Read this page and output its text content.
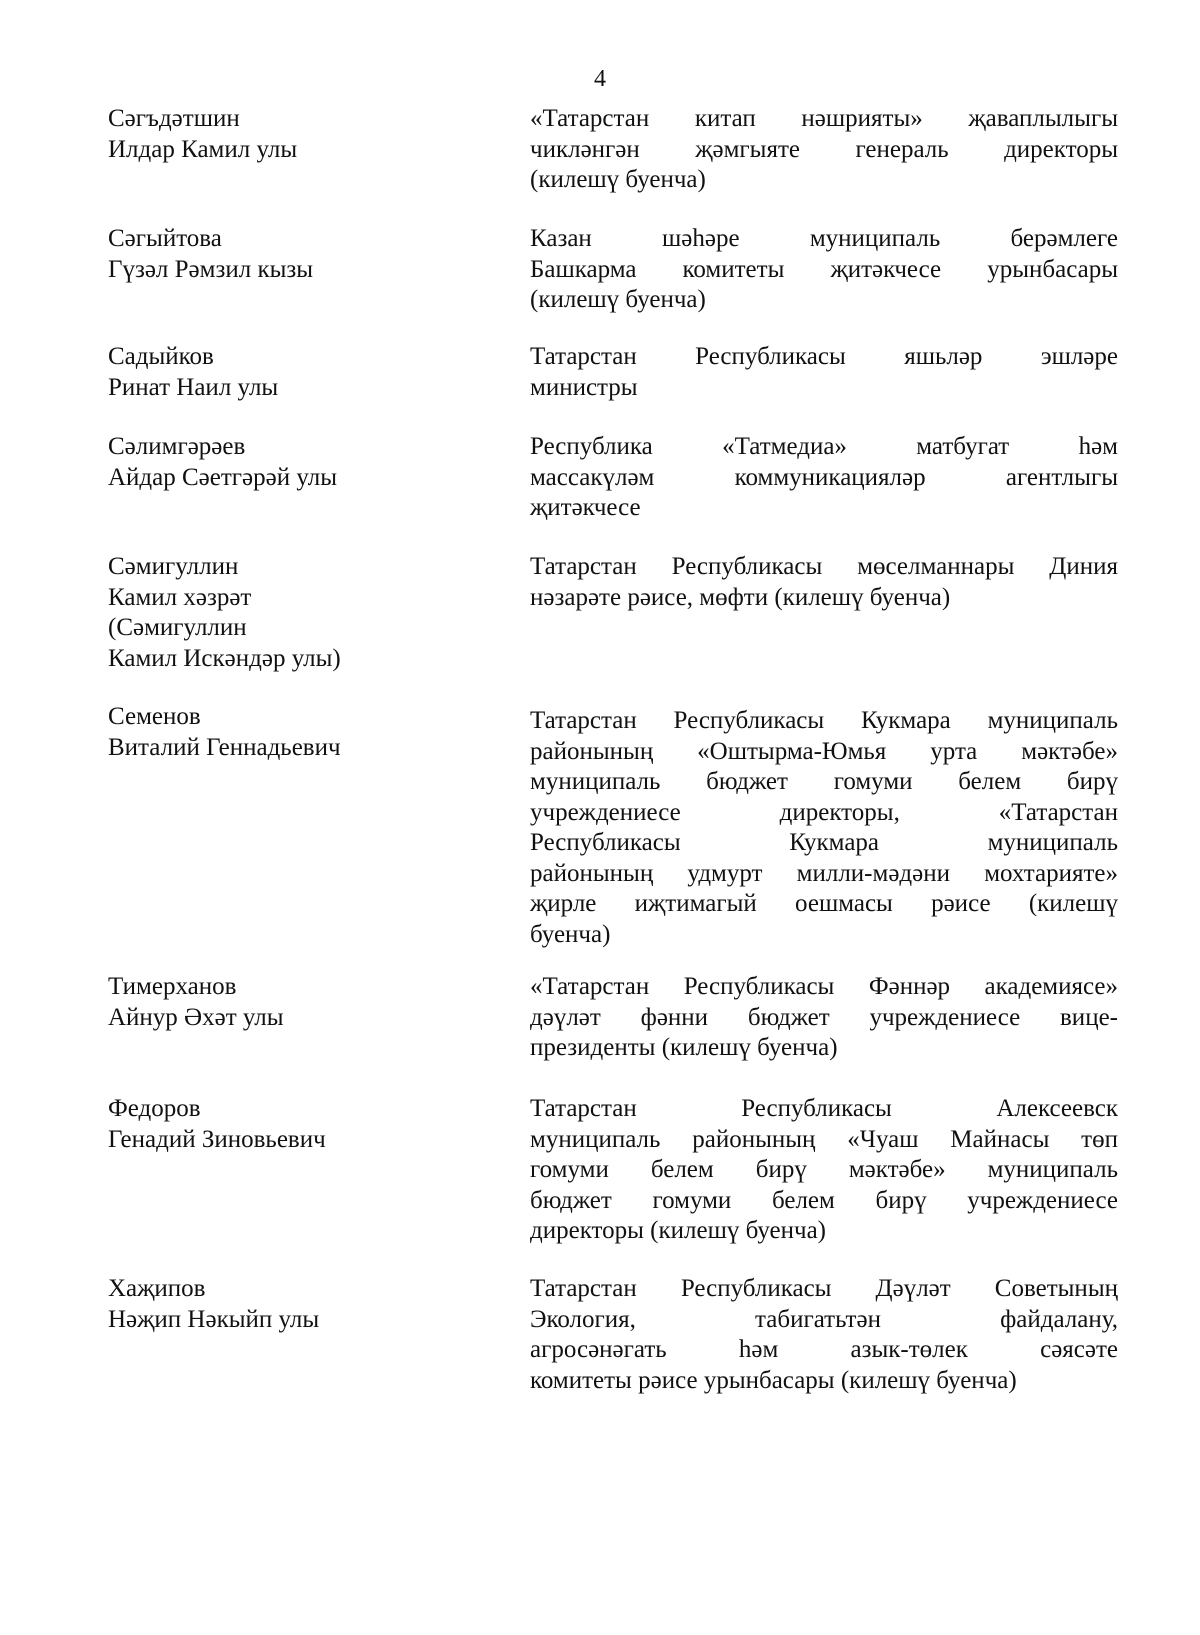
4
Сәгъдәтшин
Илдар Камил улы
«Татарстан китап нәшрияты» җаваплылыгы
чикләнгән җәмгыяте генераль директоры
(килешү буенча)
Сәгыйтова
Гүзәл Рәмзил кызы
Казан шәһәре муниципаль берәмлеге
Башкарма комитеты җитәкчесе урынбасары
(килешү буенча)
Садыйков
Ринат Наил улы
Татарстан Республикасы яшьләр эшләре
министры
Сәлимгәрәев
Айдар Сәетгәрәй улы
Республика «Татмедиа» матбугат һәм
массакүләм коммуникацияләр агентлыгы
җитәкчесе
Сәмигуллин
Камил хәзрәт
(Сәмигуллин
Камил Искәндәр улы)
Татарстан Республикасы мөселманнары Диния
нәзарәте рәисе, мөфти (килешү буенча)
Семенов
Виталий Геннадьевич
Татарстан Республикасы Кукмара муниципаль
районының «Оштырма-Юмья урта мәктәбе»
муниципаль бюджет гомуми белем бирү
учреждениесе директоры, «Татарстан
Республикасы Кукмара муниципаль
районының удмурт милли-мәдәни мохтарияте»
җирле иҗтимагый оешмасы рәисе (килешү
буенча)
Тимерханов
Айнур Әхәт улы
«Татарстан Республикасы Фәннәр академиясе»
дәүләт фәнни бюджет учреждениесе вице-
президенты (килешү буенча)
Федоров
Генадий Зиновьевич
Татарстан Республикасы Алексеевск
муниципаль районының «Чуаш Майнасы төп
гомуми белем бирү мәктәбе» муниципаль
бюджет гомуми белем бирү учреждениесе
директоры (килешү буенча)
Хаҗипов
Нәҗип Нәкыйп улы
Татарстан Республикасы Дәүләт Советының
Экология, табигатьтән файдалану,
агросәнәгать һәм азык-төлек сәясәте
комитеты рәисе урынбасары (килешү буенча)
